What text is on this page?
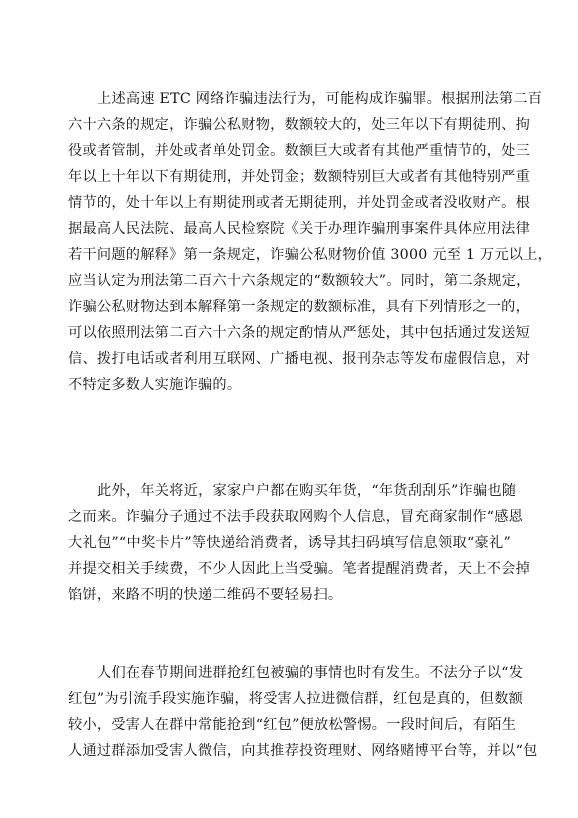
上述高速 ETC 网络诈骗违法行为，可能构成诈骗罪。根据刑法第二百
六十六条的规定，诈骗公私财物，数额较大的，处三年以下有期徒刑、拘
役或者管制，并处或者单处罚金。数额巨大或者有其他严重情节的，处三
年以上十年以下有期徒刑，并处罚金；数额特别巨大或者有其他特别严重
情节的，处十年以上有期徒刑或者无期徒刑，并处罚金或者没收财产。根
据最高人民法院、最高人民检察院《关于办理诈骗刑事案件具体应用法律
若干问题的解释》第一条规定，诈骗公私财物价值 3000 元至 1 万元以上，
应当认定为刑法第二百六十六条规定的“数额较大”。同时，第二条规定，
诈骗公私财物达到本解释第一条规定的数额标准，具有下列情形之一的，
可以依照刑法第二百六十六条的规定酌情从严惩处，其中包括通过发送短
信、拨打电话或者利用互联网、广播电视、报刊杂志等发布虚假信息，对
不特定多数人实施诈骗的。
此外，年关将近，家家户户都在购买年货，“年货刮刮乐”诈骗也随
之而来。诈骗分子通过不法手段获取网购个人信息，冒充商家制作“感恩
大礼包”“中奖卡片”等快递给消费者，诱导其扫码填写信息领取“豪礼”
并提交相关手续费，不少人因此上当受骗。笔者提醒消费者，天上不会掉
馅饼，来路不明的快递二维码不要轻易扫。
人们在春节期间进群抢红包被骗的事情也时有发生。不法分子以“发
红包”为引流手段实施诈骗，将受害人拉进微信群，红包是真的，但数额
较小，受害人在群中常能抢到“红包”便放松警惕。一段时间后，有陌生
人通过群添加受害人微信，向其推荐投资理财、网络赌博平台等，并以“包
